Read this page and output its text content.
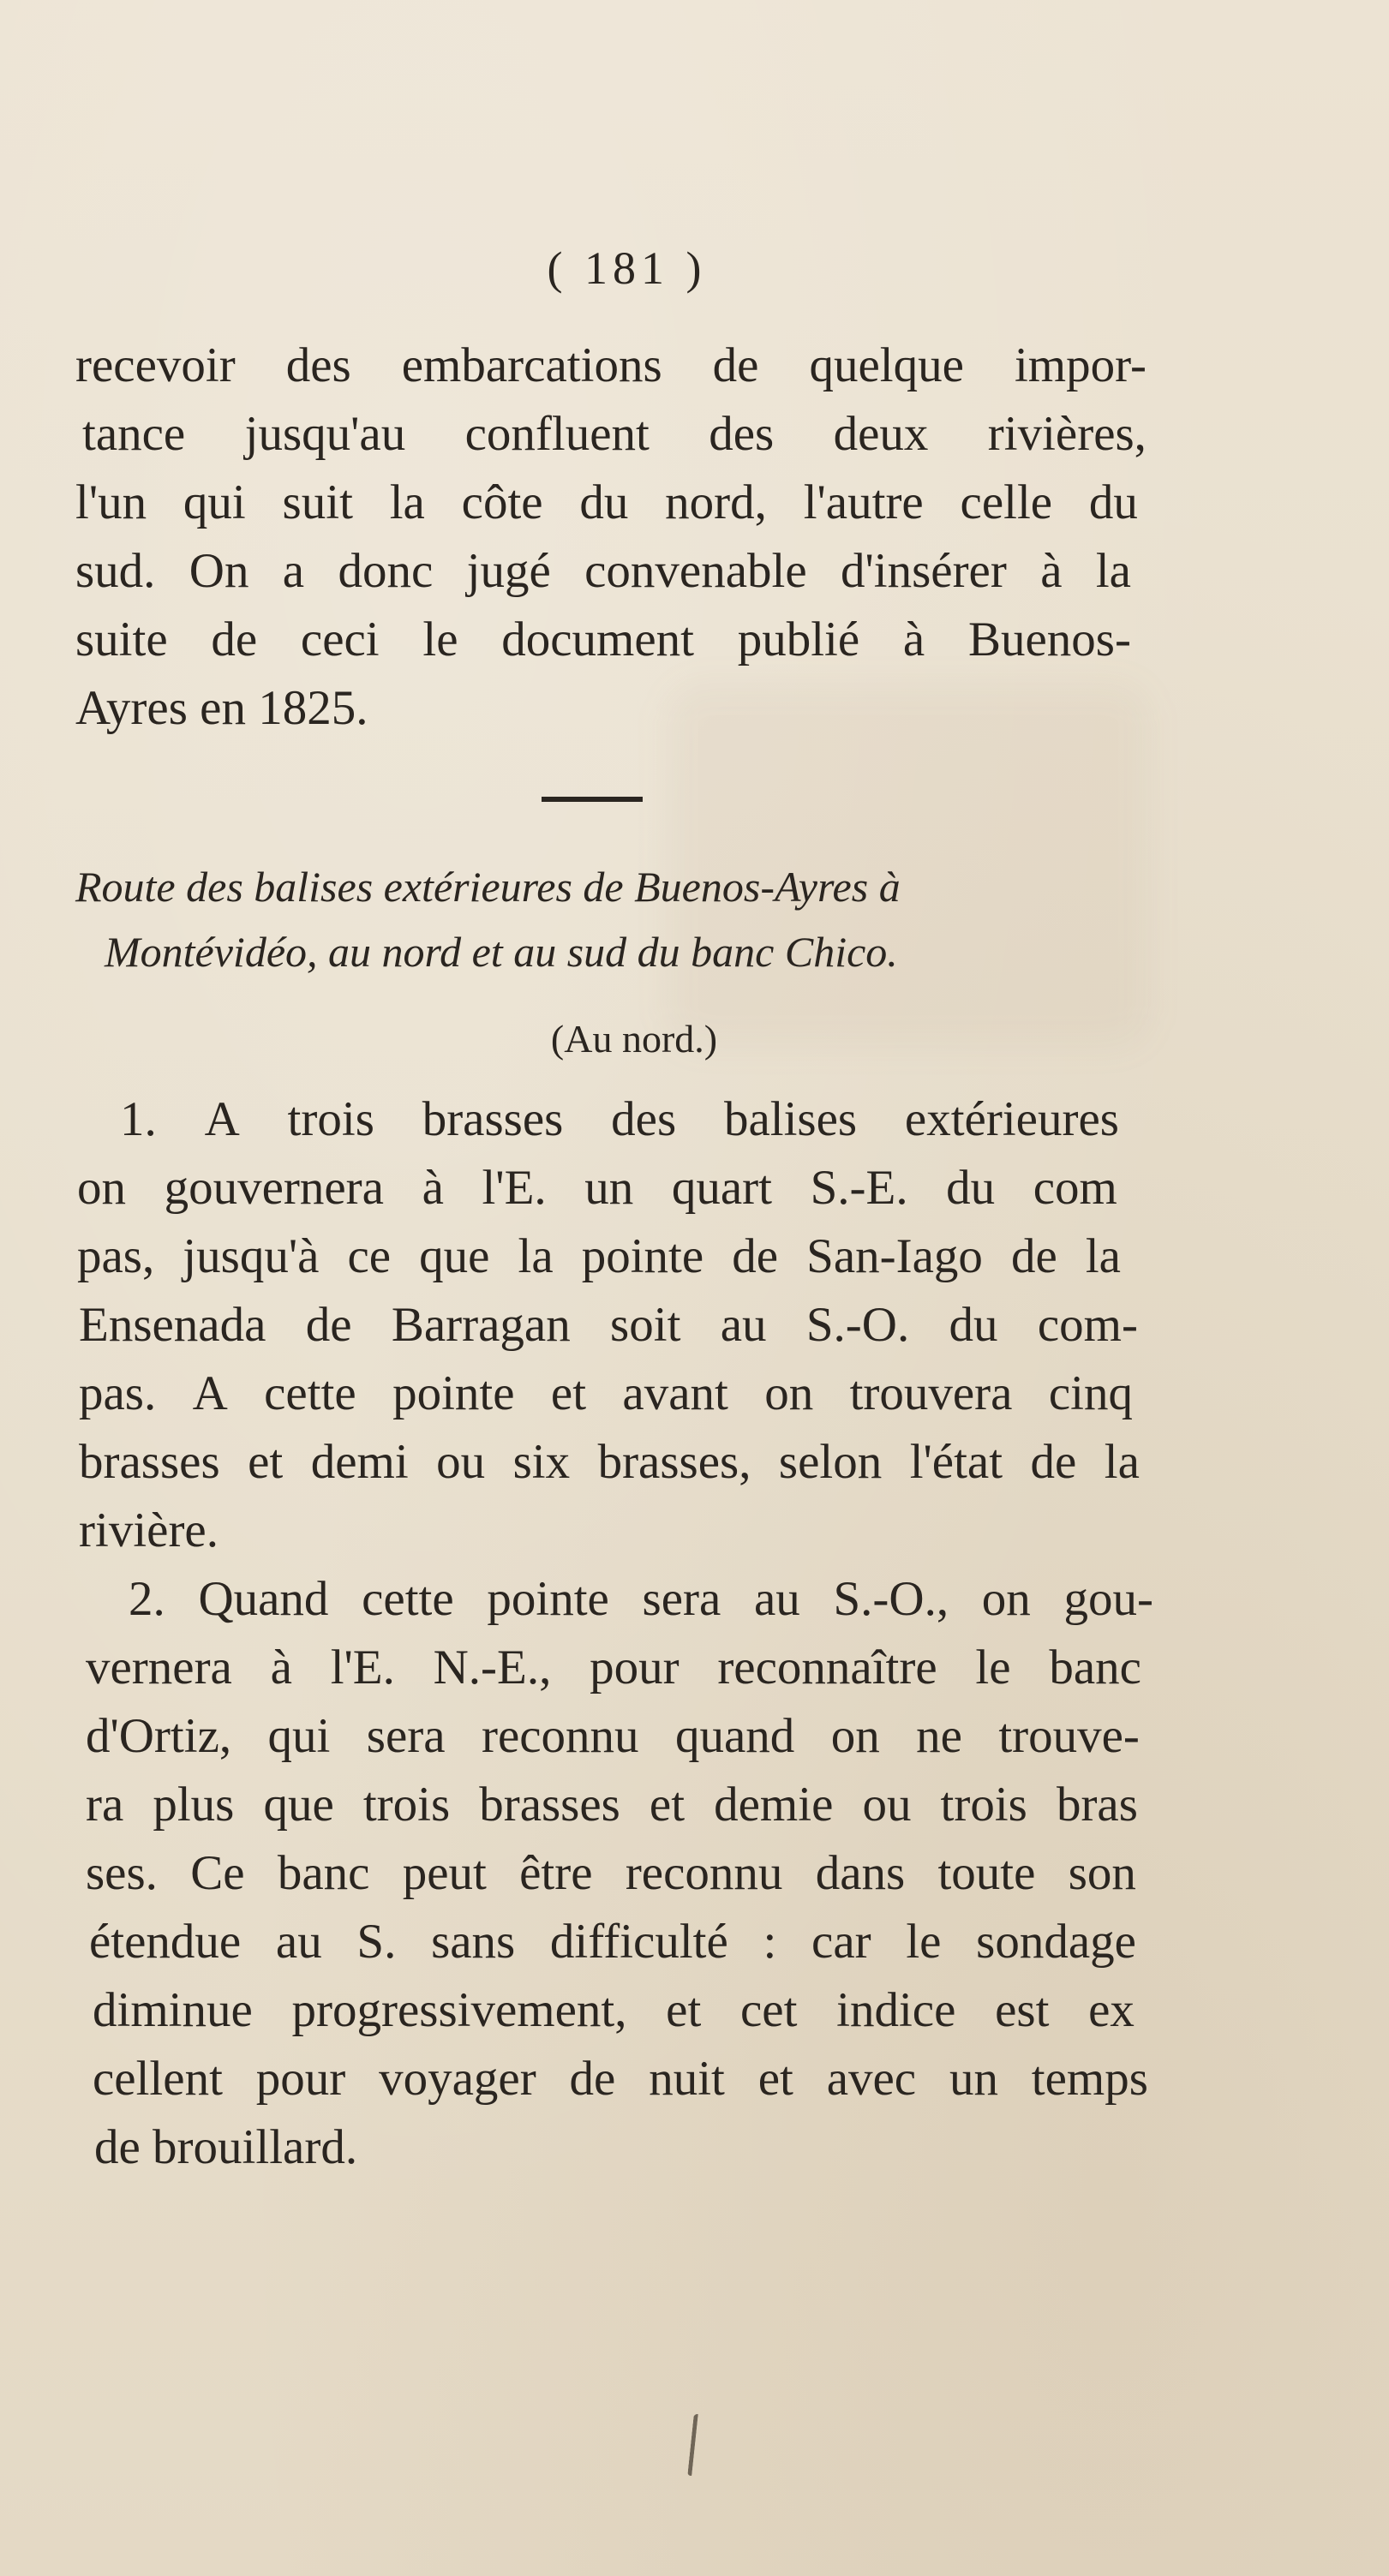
( 181 )
recevoir des embarcations de quelque impor-
tance jusqu'au confluent des deux rivières,
l'un qui suit la côte du nord, l'autre celle du
sud. On a donc jugé convenable d'insérer à la
suite de ceci le document publié à Buenos-
Ayres en 1825.
Route des balises extérieures de Buenos-Ayres à
Montévidéo, au nord et au sud du banc Chico.
(Au nord.)
1. A trois brasses des balises extérieures
on gouvernera à l'E. un quart S.-E. du com
pas, jusqu'à ce que la pointe de San-Iago de la
Ensenada de Barragan soit au S.-O. du com-
pas. A cette pointe et avant on trouvera cinq
brasses et demi ou six brasses, selon l'état de la
rivière.
2. Quand cette pointe sera au S.-O., on gou-
vernera à l'E. N.-E., pour reconnaître le banc
d'Ortiz, qui sera reconnu quand on ne trouve-
ra plus que trois brasses et demie ou trois bras
ses. Ce banc peut être reconnu dans toute son
étendue au S. sans difficulté : car le sondage
diminue progressivement, et cet indice est ex
cellent pour voyager de nuit et avec un temps
de brouillard.
